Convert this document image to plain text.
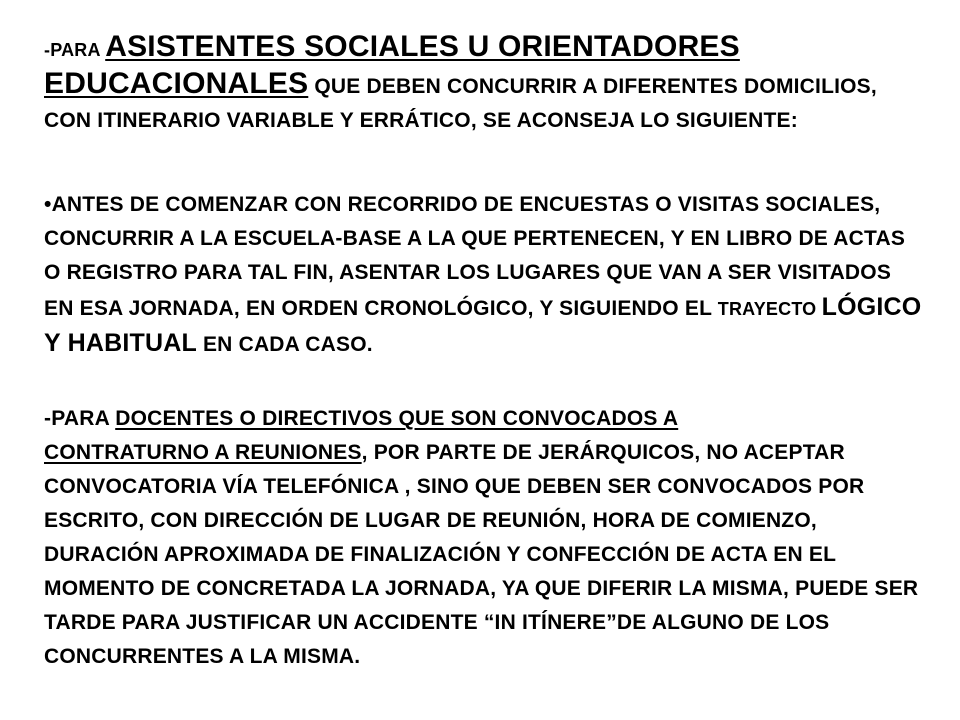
-PARA ASISTENTES SOCIALES U ORIENTADORES
EDUCACIONALES QUE DEBEN CONCURRIR A DIFERENTES DOMICILIOS, CON ITINERARIO VARIABLE Y ERRÁTICO, SE ACONSEJA LO SIGUIENTE:

•ANTES DE COMENZAR CON RECORRIDO DE ENCUESTAS O VISITAS SOCIALES, CONCURRIR A LA ESCUELA-BASE A LA QUE PERTENECEN, Y EN LIBRO DE ACTAS O REGISTRO PARA TAL FIN, ASENTAR LOS LUGARES QUE VAN A SER VISITADOS EN ESA JORNADA, EN ORDEN CRONOLÓGICO, Y SIGUIENDO EL TRAYECTO LÓGICO Y HABITUAL EN CADA CASO.

-PARA DOCENTES O DIRECTIVOS QUE SON CONVOCADOS A
CONTRATURNO A REUNIONES, POR PARTE DE JERÁRQUICOS, NO ACEPTAR CONVOCATORIA VÍA TELEFÓNICA , SINO QUE DEBEN SER CONVOCADOS POR ESCRITO, CON DIRECCIÓN DE LUGAR DE REUNIÓN, HORA DE COMIENZO, DURACIÓN APROXIMADA DE FINALIZACIÓN Y CONFECCIÓN DE ACTA EN EL MOMENTO DE CONCRETADA LA JORNADA, YA QUE DIFERIR LA MISMA, PUEDE SER TARDE PARA JUSTIFICAR UN ACCIDENTE “IN ITÍNERE”DE ALGUNO DE LOS CONCURRENTES A LA MISMA.
